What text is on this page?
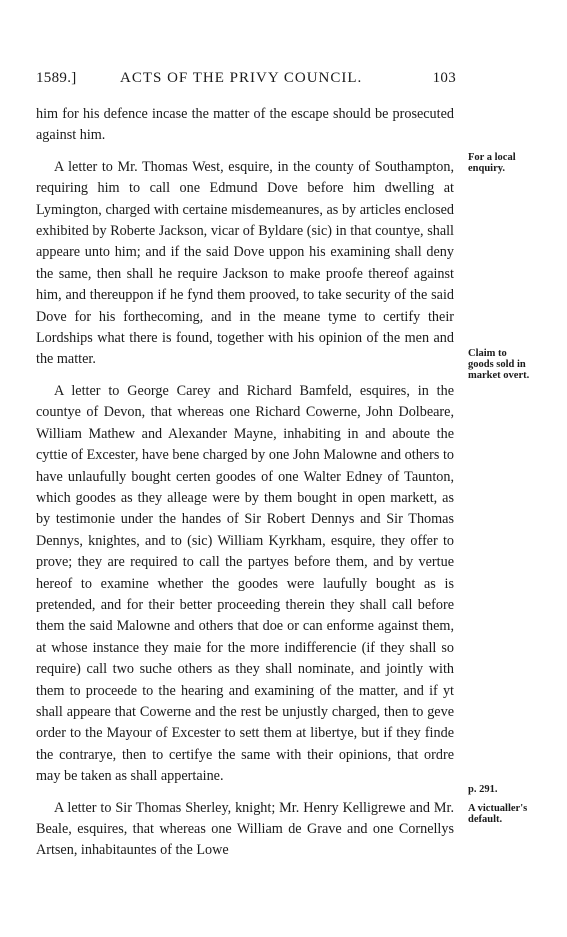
1589.]	ACTS OF THE PRIVY COUNCIL.	103

him for his defence incase the matter of the escape should be prosecuted against him.

A letter to Mr. Thomas West, esquire, in the county of Southampton, requiring him to call one Edmund Dove before him dwelling at Lymington, charged with certaine misdemeanures, as by articles enclosed exhibited by Roberte Jackson, vicar of Byldare (sic) in that countye, shall appeare unto him; and if the said Dove uppon his examining shall deny the same, then shall he require Jackson to make proofe thereof against him, and thereuppon if he fynd them prooved, to take security of the said Dove for his forthecoming, and in the meane tyme to certify their Lordships what there is found, together with his opinion of the men and the matter.

A letter to George Carey and Richard Bamfeld, esquires, in the countye of Devon, that whereas one Richard Cowerne, John Dolbeare, William Mathew and Alexander Mayne, inhabiting in and aboute the cyttie of Excester, have bene charged by one John Malowne and others to have unlaufully bought certen goodes of one Walter Edney of Taunton, which goodes as they alleage were by them bought in open markett, as by testimonie under the handes of Sir Robert Dennys and Sir Thomas Dennys, knightes, and to (sic) William Kyrkham, esquire, they offer to prove; they are required to call the partyes before them, and by vertue hereof to examine whether the goodes were laufully bought as is pretended, and for their better proceeding therein they shall call before them the said Malowne and others that doe or can enforme against them, at whose instance they maie for the more indifferencie (if they shall so require) call two suche others as they shall nominate, and jointly with them to proceede to the hearing and examining of the matter, and if yt shall appeare that Cowerne and the rest be unjustly charged, then to geve order to the Mayour of Excester to sett them at libertye, but if they finde the contrarye, then to certifye the same with their opinions, that ordre may be taken as shall appertaine.

A letter to Sir Thomas Sherley, knight; Mr. Henry Kelligrewe and Mr. Beale, esquires, that whereas one William de Grave and one Cornellys Artsen, inhabitauntes of the Lowe

For a local
enquiry.
Claim to
goods sold in
market overt.
p. 291.
A victualler's
default.
